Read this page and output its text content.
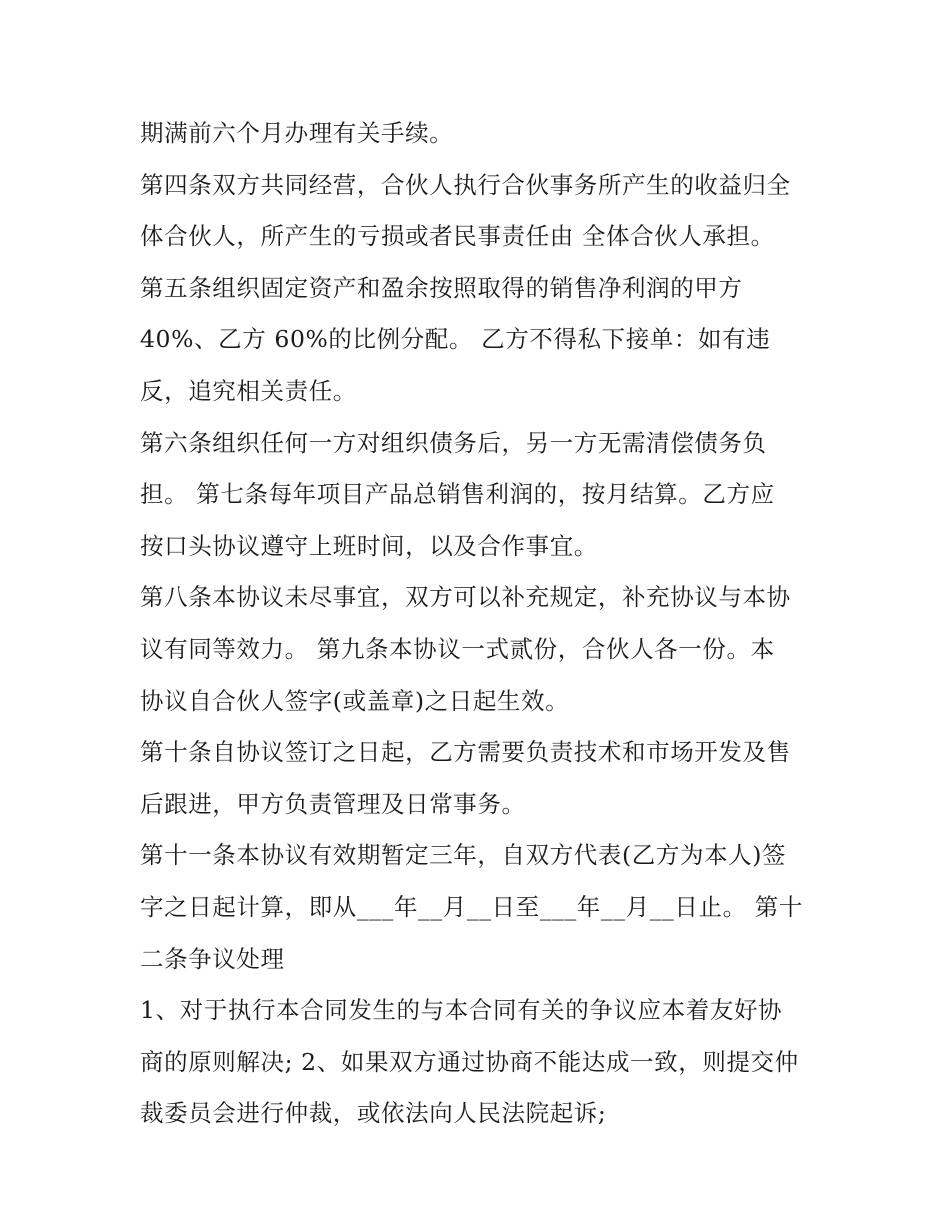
期满前六个月办理有关手续。
第四条双方共同经营，合伙人执行合伙事务所产生的收益归全
体合伙人，所产生的亏损或者民事责任由 全体合伙人承担。
第五条组织固定资产和盈余按照取得的销售净利润的甲方
40%、乙方 60%的比例分配。 乙方不得私下接单：如有违
反，追究相关责任。
第六条组织任何一方对组织债务后，另一方无需清偿债务负
担。 第七条每年项目产品总销售利润的，按月结算。乙方应
按口头协议遵守上班时间，以及合作事宜。
第八条本协议未尽事宜，双方可以补充规定，补充协议与本协
议有同等效力。 第九条本协议一式贰份，合伙人各一份。本
协议自合伙人签字(或盖章)之日起生效。
第十条自协议签订之日起，乙方需要负责技术和市场开发及售
后跟进，甲方负责管理及日常事务。
第十一条本协议有效期暂定三年，自双方代表(乙方为本人)签
字之日起计算，即从___年__月__日至___年__月__日止。 第十
二条争议处理
1、对于执行本合同发生的与本合同有关的争议应本着友好协
商的原则解决; 2、如果双方通过协商不能达成一致，则提交仲
裁委员会进行仲裁，或依法向人民法院起诉;
